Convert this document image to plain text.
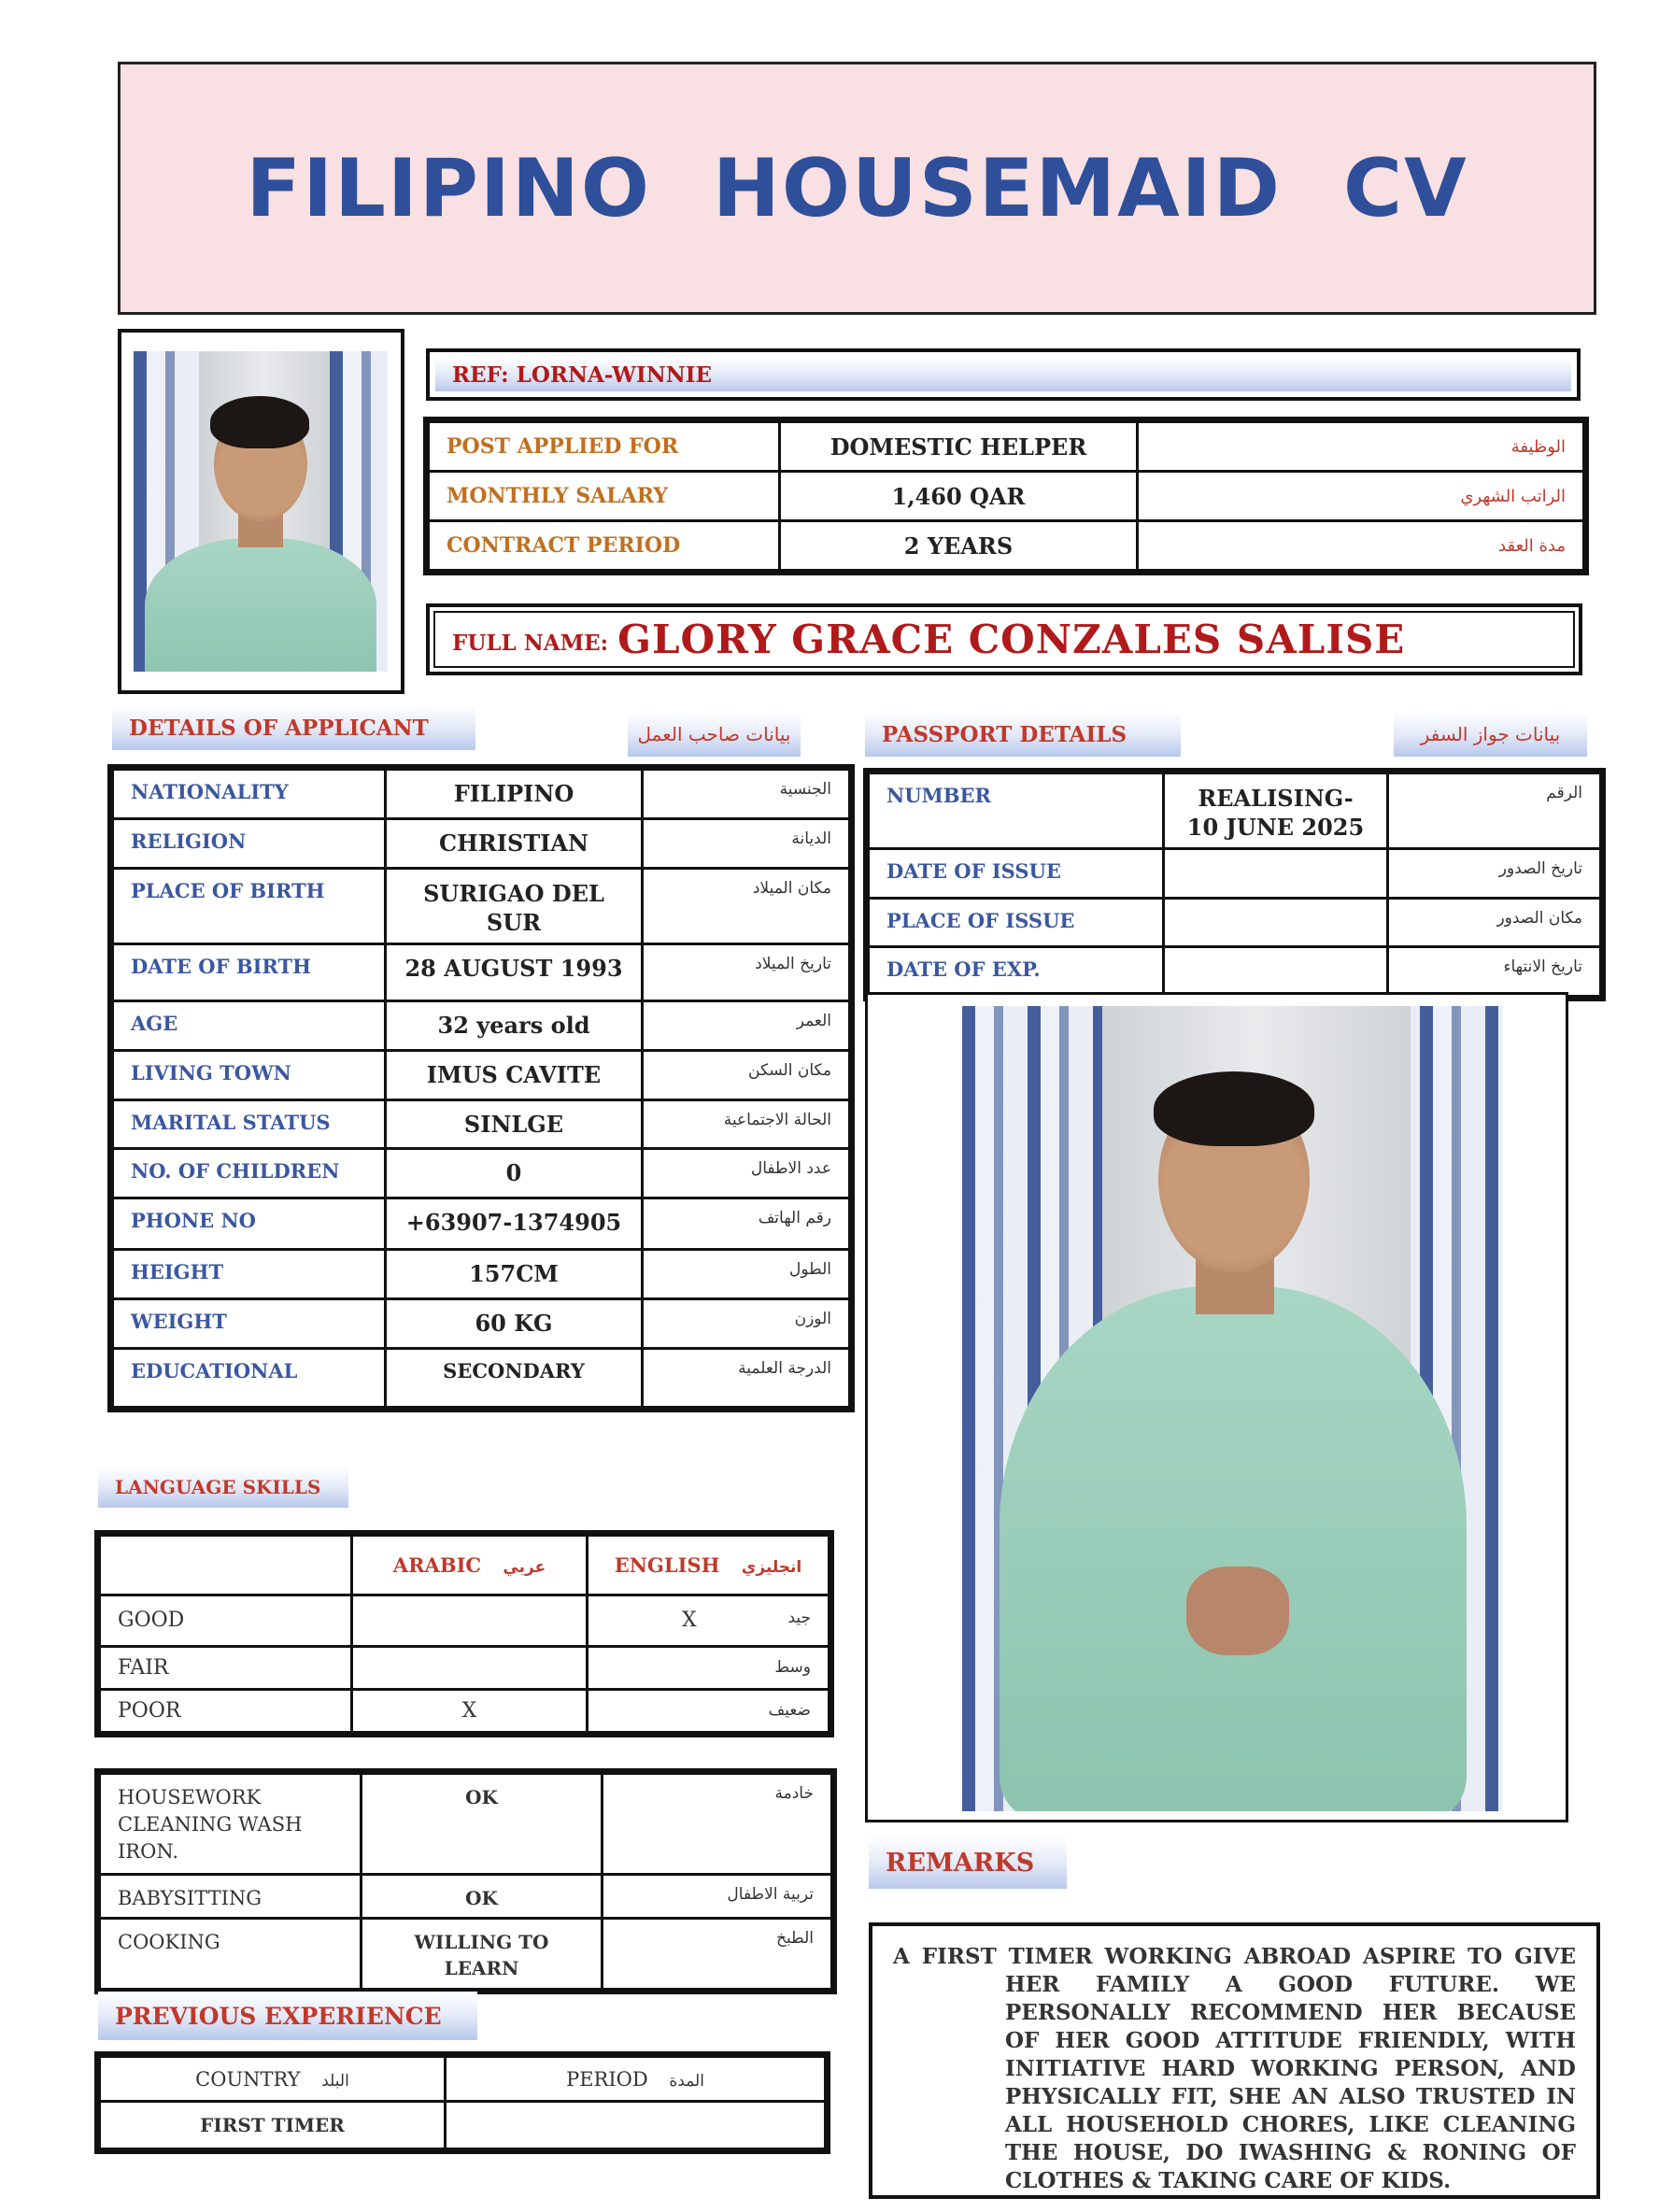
FILIPINO HOUSEMAID CV
REF: LORNA-WINNIE
POST APPLIED FOR	DOMESTIC HELPER	الوظيفة
MONTHLY SALARY	1,460 QAR	الراتب الشهري
CONTRACT PERIOD	2 YEARS	مدة العقد
FULL NAME: GLORY GRACE CONZALES SALISE
DETAILS OF APPLICANT	بيانات صاحب العمل
NATIONALITY	FILIPINO	الجنسية
RELIGION	CHRISTIAN	الديانة
PLACE OF BIRTH	SURIGAO DEL SUR	مكان الميلاد
DATE OF BIRTH	28 AUGUST 1993	تاريخ الميلاد
AGE	32 years old	العمر
LIVING TOWN	IMUS CAVITE	مكان السكن
MARITAL STATUS	SINLGE	الحالة الاجتماعية
NO. OF CHILDREN	0	عدد الاطفال
PHONE NO	+63907-1374905	رقم الهاتف
HEIGHT	157CM	الطول
WEIGHT	60 KG	الوزن
EDUCATIONAL	SECONDARY	الدرجة العلمية
PASSPORT DETAILS	بيانات جواز السفر
NUMBER	REALISING- 10 JUNE 2025	الرقم
DATE OF ISSUE		تاريخ الصدور
PLACE OF ISSUE		مكان الصدور
DATE OF EXP.		تاريخ الانتهاء
LANGUAGE SKILLS
	ARABIC عربي	ENGLISH انجليزي
GOOD		X جيد

FAIR		وسط

POOR	X	ضعيف
HOUSEWORK CLEANING WASH IRON.	OK	خادمة
BABYSITTING	OK	تربية الاطفال
COOKING	WILLING TO LEARN	الطبخ
PREVIOUS EXPERIENCE
COUNTRY البلد	PERIOD المدة
FIRST TIMER	
REMARKS
A FIRST TIMER WORKING ABROAD ASPIRE TO GIVE HER FAMILY A GOOD FUTURE. WE PERSONALLY RECOMMEND HER BECAUSE OF HER GOOD ATTITUDE FRIENDLY, WITH INITIATIVE HARD WORKING PERSON, AND PHYSICALLY FIT, SHE AN ALSO TRUSTED IN ALL HOUSEHOLD CHORES, LIKE CLEANING THE HOUSE, DO IWASHING & RONING OF CLOTHES & TAKING CARE OF KIDS.
